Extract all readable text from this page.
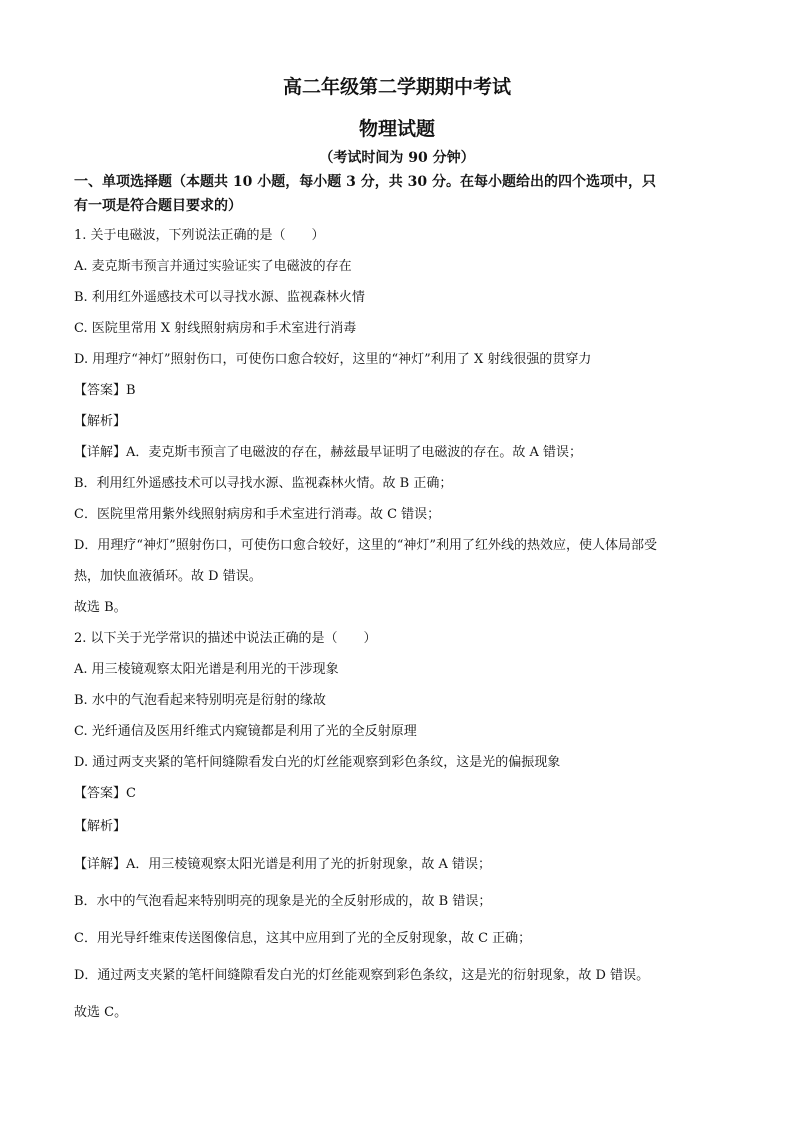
高二年级第二学期期中考试
物理试题
（考试时间为 90 分钟）
一、单项选择题（本题共 10 小题，每小题 3 分，共 30 分。在每小题给出的四个选项中，只
有一项是符合题目要求的）
1. 关于电磁波，下列说法正确的是（　　）
A. 麦克斯韦预言并通过实验证实了电磁波的存在
B. 利用红外遥感技术可以寻找水源、监视森林火情
C. 医院里常用 X 射线照射病房和手术室进行消毒
D. 用理疗“神灯”照射伤口，可使伤口愈合较好，这里的“神灯”利用了 X 射线很强的贯穿力
【答案】B
【解析】
【详解】A．麦克斯韦预言了电磁波的存在，赫兹最早证明了电磁波的存在。故 A 错误；
B．利用红外遥感技术可以寻找水源、监视森林火情。故 B 正确；
C．医院里常用紫外线照射病房和手术室进行消毒。故 C 错误；
D．用理疗“神灯”照射伤口，可使伤口愈合较好，这里的“神灯”利用了红外线的热效应，使人体局部受
热，加快血液循环。故 D 错误。
故选 B。
2. 以下关于光学常识的描述中说法正确的是（　　）
A. 用三棱镜观察太阳光谱是利用光的干涉现象
B. 水中的气泡看起来特别明亮是衍射的缘故
C. 光纤通信及医用纤维式内窥镜都是利用了光的全反射原理
D. 通过两支夹紧的笔杆间缝隙看发白光的灯丝能观察到彩色条纹，这是光的偏振现象
【答案】C
【解析】
【详解】A．用三棱镜观察太阳光谱是利用了光的折射现象，故 A 错误；
B．水中的气泡看起来特别明亮的现象是光的全反射形成的，故 B 错误；
C．用光导纤维束传送图像信息，这其中应用到了光的全反射现象，故 C 正确；
D．通过两支夹紧的笔杆间缝隙看发白光的灯丝能观察到彩色条纹，这是光的衍射现象，故 D 错误。
故选 C。
